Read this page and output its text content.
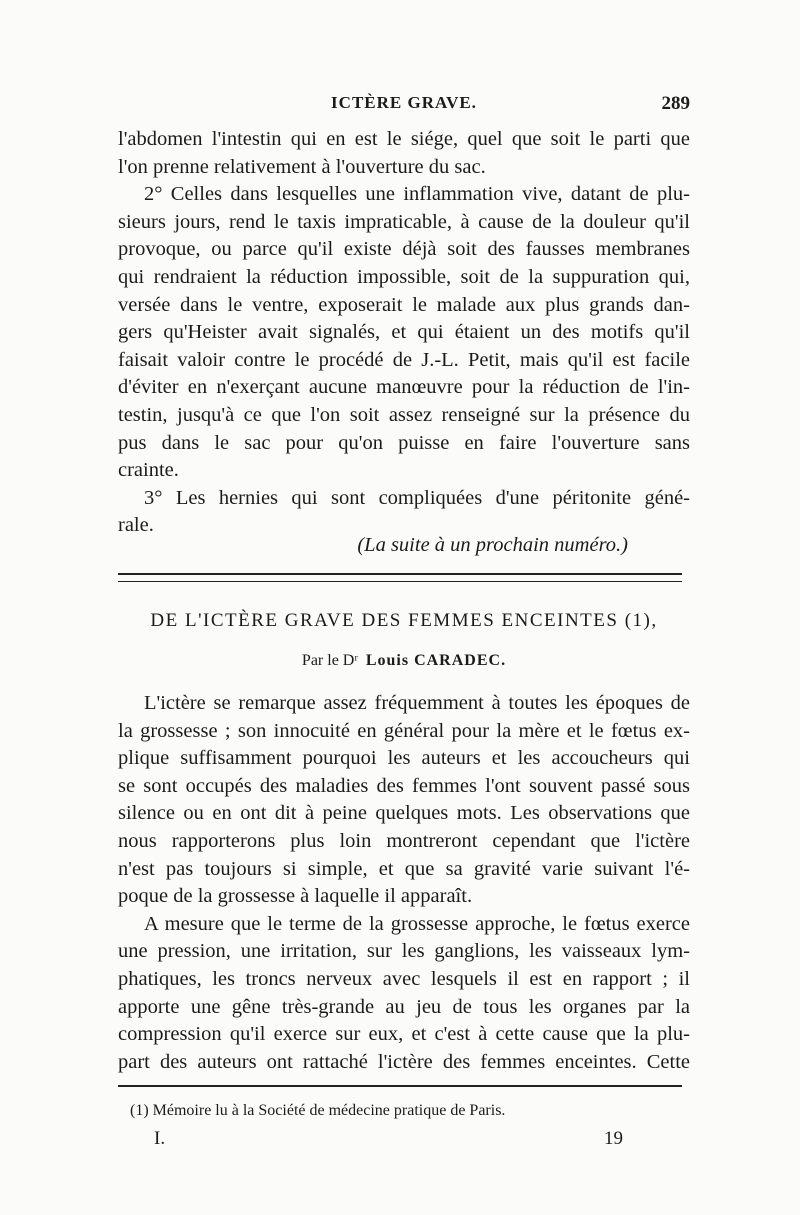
ICTÈRE GRAVE.	289
l'abdomen l'intestin qui en est le siége, quel que soit le parti que
l'on prenne relativement à l'ouverture du sac.
2° Celles dans lesquelles une inflammation vive, datant de plu-
sieurs jours, rend le taxis impraticable, à cause de la douleur qu'il
provoque, ou parce qu'il existe déjà soit des fausses membranes
qui rendraient la réduction impossible, soit de la suppuration qui,
versée dans le ventre, exposerait le malade aux plus grands dan-
gers qu'Heister avait signalés, et qui étaient un des motifs qu'il
faisait valoir contre le procédé de J.-L. Petit, mais qu'il est facile
d'éviter en n'exerçant aucune manœuvre pour la réduction de l'in-
testin, jusqu'à ce que l'on soit assez renseigné sur la présence du
pus dans le sac pour qu'on puisse en faire l'ouverture sans
crainte.
3° Les hernies qui sont compliquées d'une péritonite géné-
rale.
(La suite à un prochain numéro.)
DE L'ICTÈRE GRAVE DES FEMMES ENCEINTES (1),
Par le Dʳ Louis CARADEC.
L'ictère se remarque assez fréquemment à toutes les époques de
la grossesse ; son innocuité en général pour la mère et le fœtus ex-
plique suffisamment pourquoi les auteurs et les accoucheurs qui
se sont occupés des maladies des femmes l'ont souvent passé sous
silence ou en ont dit à peine quelques mots. Les observations que
nous rapporterons plus loin montreront cependant que l'ictère
n'est pas toujours si simple, et que sa gravité varie suivant l'é-
poque de la grossesse à laquelle il apparaît.
A mesure que le terme de la grossesse approche, le fœtus exerce
une pression, une irritation, sur les ganglions, les vaisseaux lym-
phatiques, les troncs nerveux avec lesquels il est en rapport ; il
apporte une gêne très-grande au jeu de tous les organes par la
compression qu'il exerce sur eux, et c'est à cette cause que la plu-
part des auteurs ont rattaché l'ictère des femmes enceintes. Cette
(1) Mémoire lu à la Société de médecine pratique de Paris.
I.	19
